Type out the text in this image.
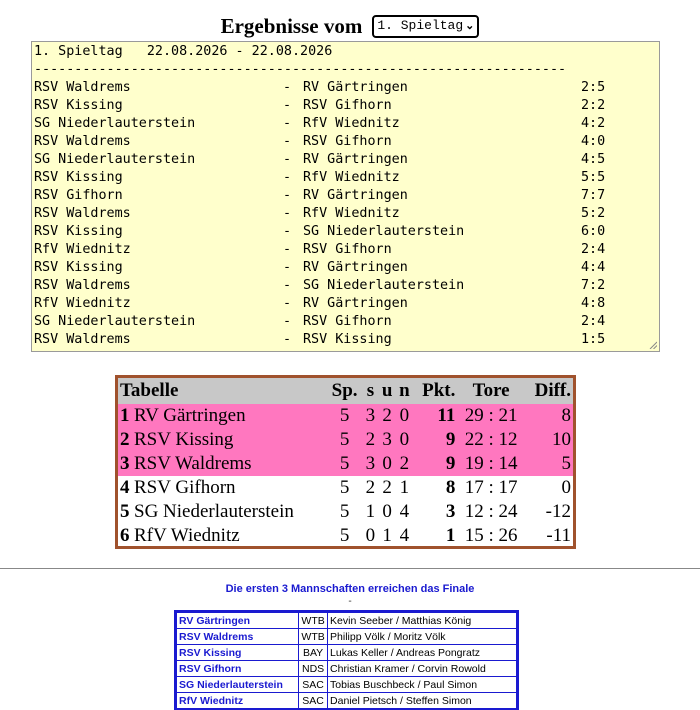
Ergebnisse vom 1. Spieltag ⌄
1. Spieltag   22.08.2026 - 22.08.2026
------------------------------------------------------------------
RSV Waldrems	- RV Gärtringen	2:5
RSV Kissing	- RSV Gifhorn	2:2
SG Niederlauterstein	- RfV Wiednitz	4:2
RSV Waldrems	- RSV Gifhorn	4:0
SG Niederlauterstein	- RV Gärtringen	4:5
RSV Kissing	- RfV Wiednitz	5:5
RSV Gifhorn	- RV Gärtringen	7:7
RSV Waldrems	- RfV Wiednitz	5:2
RSV Kissing	- SG Niederlauterstein	6:0
RfV Wiednitz	- RSV Gifhorn	2:4
RSV Kissing	- RV Gärtringen	4:4
RSV Waldrems	- SG Niederlauterstein	7:2
RfV Wiednitz	- RV Gärtringen	4:8
SG Niederlauterstein	- RSV Gifhorn	2:4
RSV Waldrems	- RSV Kissing	1:5
Tabelle		Sp.	s	u	n	Pkt.	Tore	Diff.
1	RV Gärtringen	5	3	2	0	11	29 : 21	8
2	RSV Kissing	5	2	3	0	9	22 : 12	10
3	RSV Waldrems	5	3	0	2	9	19 : 14	5
4	RSV Gifhorn	5	2	2	1	8	17 : 17	0
5	SG Niederlauterstein	5	1	0	4	3	12 : 24	-12
6	RfV Wiednitz	5	0	1	4	1	15 : 26	-11
Die ersten 3 Mannschaften erreichen das Finale
-
RV Gärtringen	WTB	Kevin Seeber / Matthias König
RSV Waldrems	WTB	Philipp Völk / Moritz Völk
RSV Kissing	BAY	Lukas Keller / Andreas Pongratz
RSV Gifhorn	NDS	Christian Kramer / Corvin Rowold
SG Niederlauterstein	SAC	Tobias Buschbeck / Paul Simon
RfV Wiednitz	SAC	Daniel Pietsch / Steffen Simon
